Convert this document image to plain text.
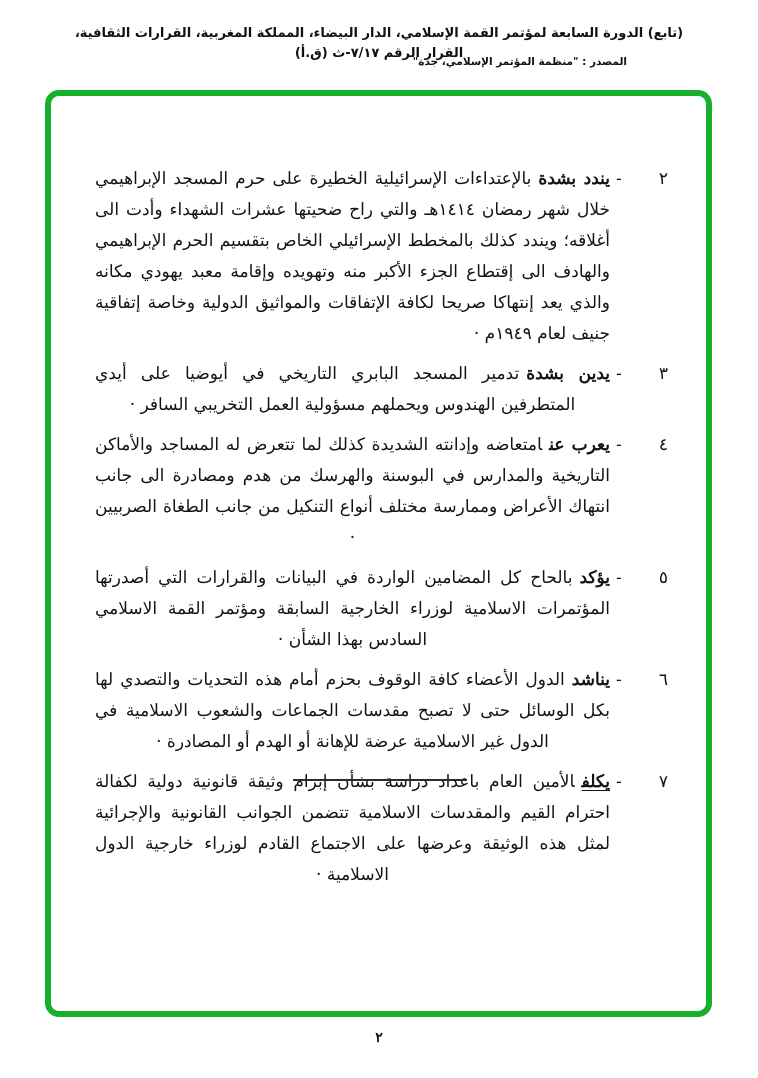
(تابع) الدورة السابعة لمؤتمر القمة الإسلامي، الدار البيضاء، المملكة المغربية، القرارات الثقافية، القرار الرقم ٧/١٧-ث (ق.أ)
المصدر : "منظمة المؤتمر الإسلامي، جدة"
٢
-

يندد بشدةبالإعتداءات الإسرائيلية الخطيرة على حرم المسجد الإبراهيمي خلال شهر رمضان ١٤١٤هـ والتي راح ضحيتها عشرات الشهداء وأدت الى أغلاقه؛ ويندد كذلك بالمخطط الإسرائيلي الخاص بتقسيم الحرم الإبراهيمي والهادف الى إقتطاع الجزء الأكبر منه وتهويده وإقامة معبد يهودي مكانه والذي يعد إنتهاكا صريحا لكافة الإتفاقات والمواثيق الدولية وخاصة إتفاقية جنيف لعام ١٩٤٩م ·

٣
-

يدين بشدةتدمير المسجد البابري التاريخي في أيوضيا على أيدي المتطرفين الهندوس ويحملهم مسؤولية العمل التخريبي السافر ·

٤
-

يعرب عنامتعاضه وإدانته الشديدة كذلك لما تتعرض له المساجد والأماكن التاريخية والمدارس في البوسنة والهرسك من هدم ومصادرة الى جانب انتهاك الأعراض وممارسة مختلف أنواع التنكيل من جانب الطغاة الصربيين ·

٥
-

يؤكدبالحاح كل المضامين الواردة في البيانات والقرارات التي أصدرتها المؤتمرات الاسلامية لوزراء الخارجية السابقة ومؤتمر القمة الاسلامي السادس بهذا الشأن ·

٦
-

يناشدالدول الأعضاء كافة الوقوف بحزم أمام هذه التحديات والتصدي لها بكل الوسائل حتى لا تصبح مقدسات الجماعات والشعوب الاسلامية في الدول غير الاسلامية عرضة للإهانة أو الهدم أو المصادرة ·

٧
-

يكلفالأمين العام باعداد دراسة بشأن إبرام وثيقة قانونية دولية لكفالة احترام القيم والمقدسات الاسلامية تتضمن الجوانب القانونية والإجرائية لمثل هذه الوثيقة وعرضها على الاجتماع القادم لوزراء خارجية الدول الاسلامية ·

٢
